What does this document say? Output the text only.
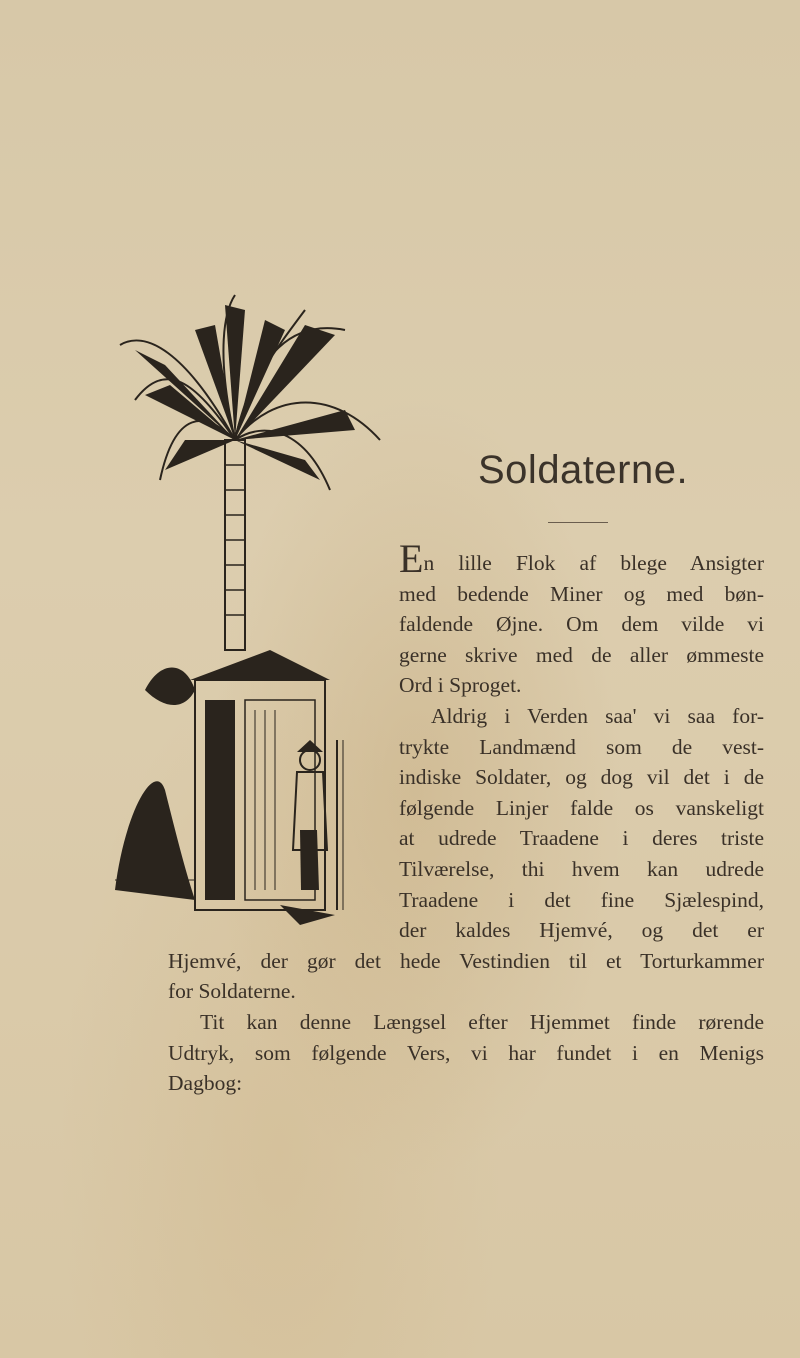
Soldaterne.
En lille Flok af blege Ansigter
med bedende Miner og med bøn-
faldende Øjne. Om dem vilde vi
gerne skrive med de aller ømmeste
Ord i Sproget.
Aldrig i Verden saa' vi saa for-
trykte Landmænd som de vest-
indiske Soldater, og dog vil det i de
følgende Linjer falde os vanskeligt
at udrede Traadene i deres triste
Tilværelse, thi hvem kan udrede
Traadene i det fine Sjælespind,
der kaldes Hjemvé, og det er
Hjemvé, der gør det hede Vestindien til et Torturkammer
for Soldaterne.
Tit kan denne Længsel efter Hjemmet finde rørende
Udtryk, som følgende Vers, vi har fundet i en Menigs
Dagbog:
